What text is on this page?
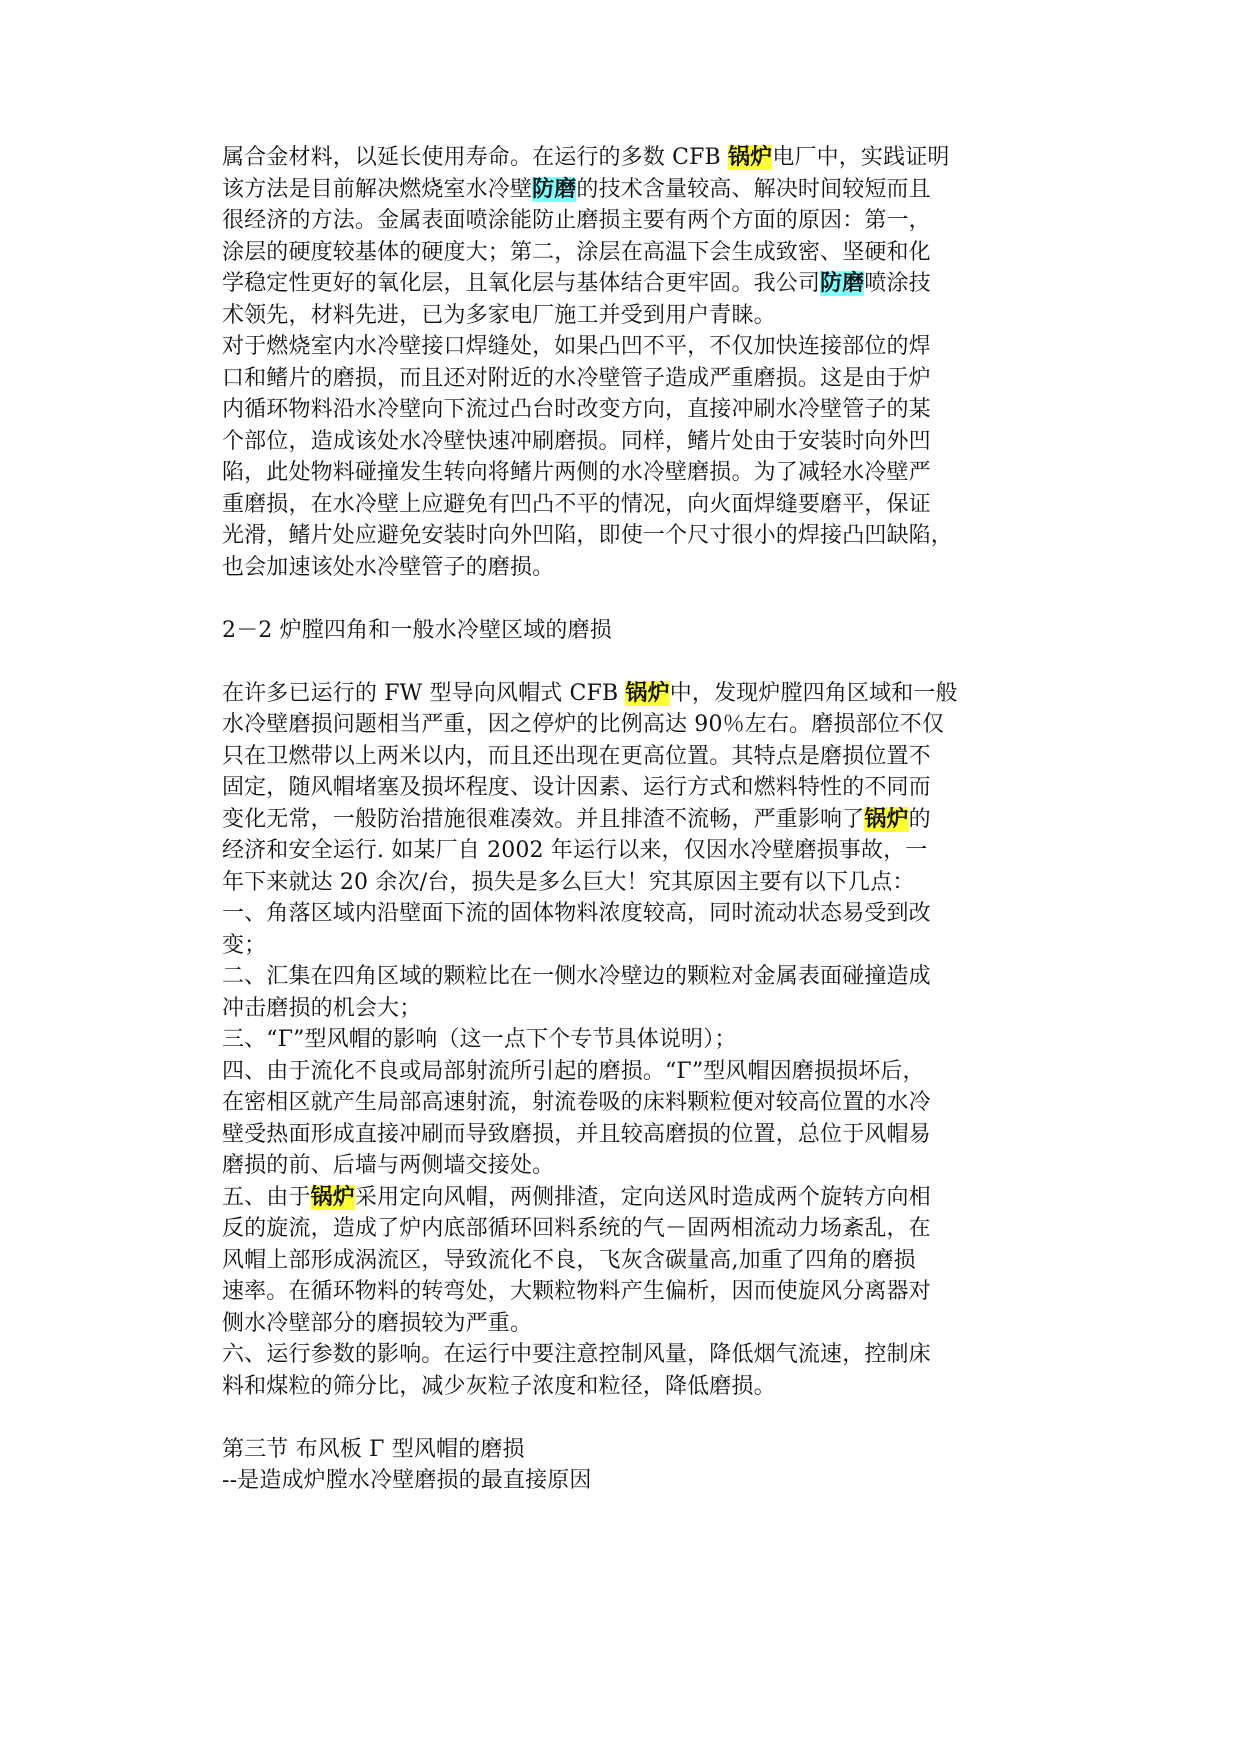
属合金材料，以延长使用寿命。在运行的多数 CFB 锅炉电厂中，实践证明
该方法是目前解决燃烧室水冷壁防磨的技术含量较高、解决时间较短而且
很经济的方法。金属表面喷涂能防止磨损主要有两个方面的原因：第一，
涂层的硬度较基体的硬度大；第二，涂层在高温下会生成致密、坚硬和化
学稳定性更好的氧化层，且氧化层与基体结合更牢固。我公司防磨喷涂技
术领先，材料先进，已为多家电厂施工并受到用户青睐。
对于燃烧室内水冷壁接口焊缝处，如果凸凹不平，不仅加快连接部位的焊
口和鳍片的磨损，而且还对附近的水冷壁管子造成严重磨损。这是由于炉
内循环物料沿水冷壁向下流过凸台时改变方向，直接冲刷水冷壁管子的某
个部位，造成该处水冷壁快速冲刷磨损。同样，鳍片处由于安装时向外凹
陷，此处物料碰撞发生转向将鳍片两侧的水冷壁磨损。为了减轻水冷壁严
重磨损，在水冷壁上应避免有凹凸不平的情况，向火面焊缝要磨平，保证
光滑，鳍片处应避免安装时向外凹陷，即使一个尺寸很小的焊接凸凹缺陷，
也会加速该处水冷壁管子的磨损。
2－2 炉膛四角和一般水冷壁区域的磨损
在许多已运行的 FW 型导向风帽式 CFB 锅炉中，发现炉膛四角区域和一般
水冷壁磨损问题相当严重，因之停炉的比例高达 90％左右。磨损部位不仅
只在卫燃带以上两米以内，而且还出现在更高位置。其特点是磨损位置不
固定，随风帽堵塞及损坏程度、设计因素、运行方式和燃料特性的不同而
变化无常，一般防治措施很难凑效。并且排渣不流畅，严重影响了锅炉的
经济和安全运行. 如某厂自 2002 年运行以来，仅因水冷壁磨损事故，一
年下来就达 20 余次/台，损失是多么巨大！究其原因主要有以下几点：
一、角落区域内沿壁面下流的固体物料浓度较高，同时流动状态易受到改
变；
二、汇集在四角区域的颗粒比在一侧水冷壁边的颗粒对金属表面碰撞造成
冲击磨损的机会大；
三、“Γ”型风帽的影响（这一点下个专节具体说明）；
四、由于流化不良或局部射流所引起的磨损。“Γ”型风帽因磨损损坏后，
在密相区就产生局部高速射流，射流卷吸的床料颗粒便对较高位置的水冷
壁受热面形成直接冲刷而导致磨损，并且较高磨损的位置，总位于风帽易
磨损的前、后墙与两侧墙交接处。
五、由于锅炉采用定向风帽，两侧排渣，定向送风时造成两个旋转方向相
反的旋流，造成了炉内底部循环回料系统的气－固两相流动力场紊乱，在
风帽上部形成涡流区，导致流化不良，飞灰含碳量高,加重了四角的磨损
速率。在循环物料的转弯处，大颗粒物料产生偏析，因而使旋风分离器对
侧水冷壁部分的磨损较为严重。
六、运行参数的影响。在运行中要注意控制风量，降低烟气流速，控制床
料和煤粒的筛分比，减少灰粒子浓度和粒径，降低磨损。
第三节 布风板 Γ 型风帽的磨损
--是造成炉膛水冷壁磨损的最直接原因
